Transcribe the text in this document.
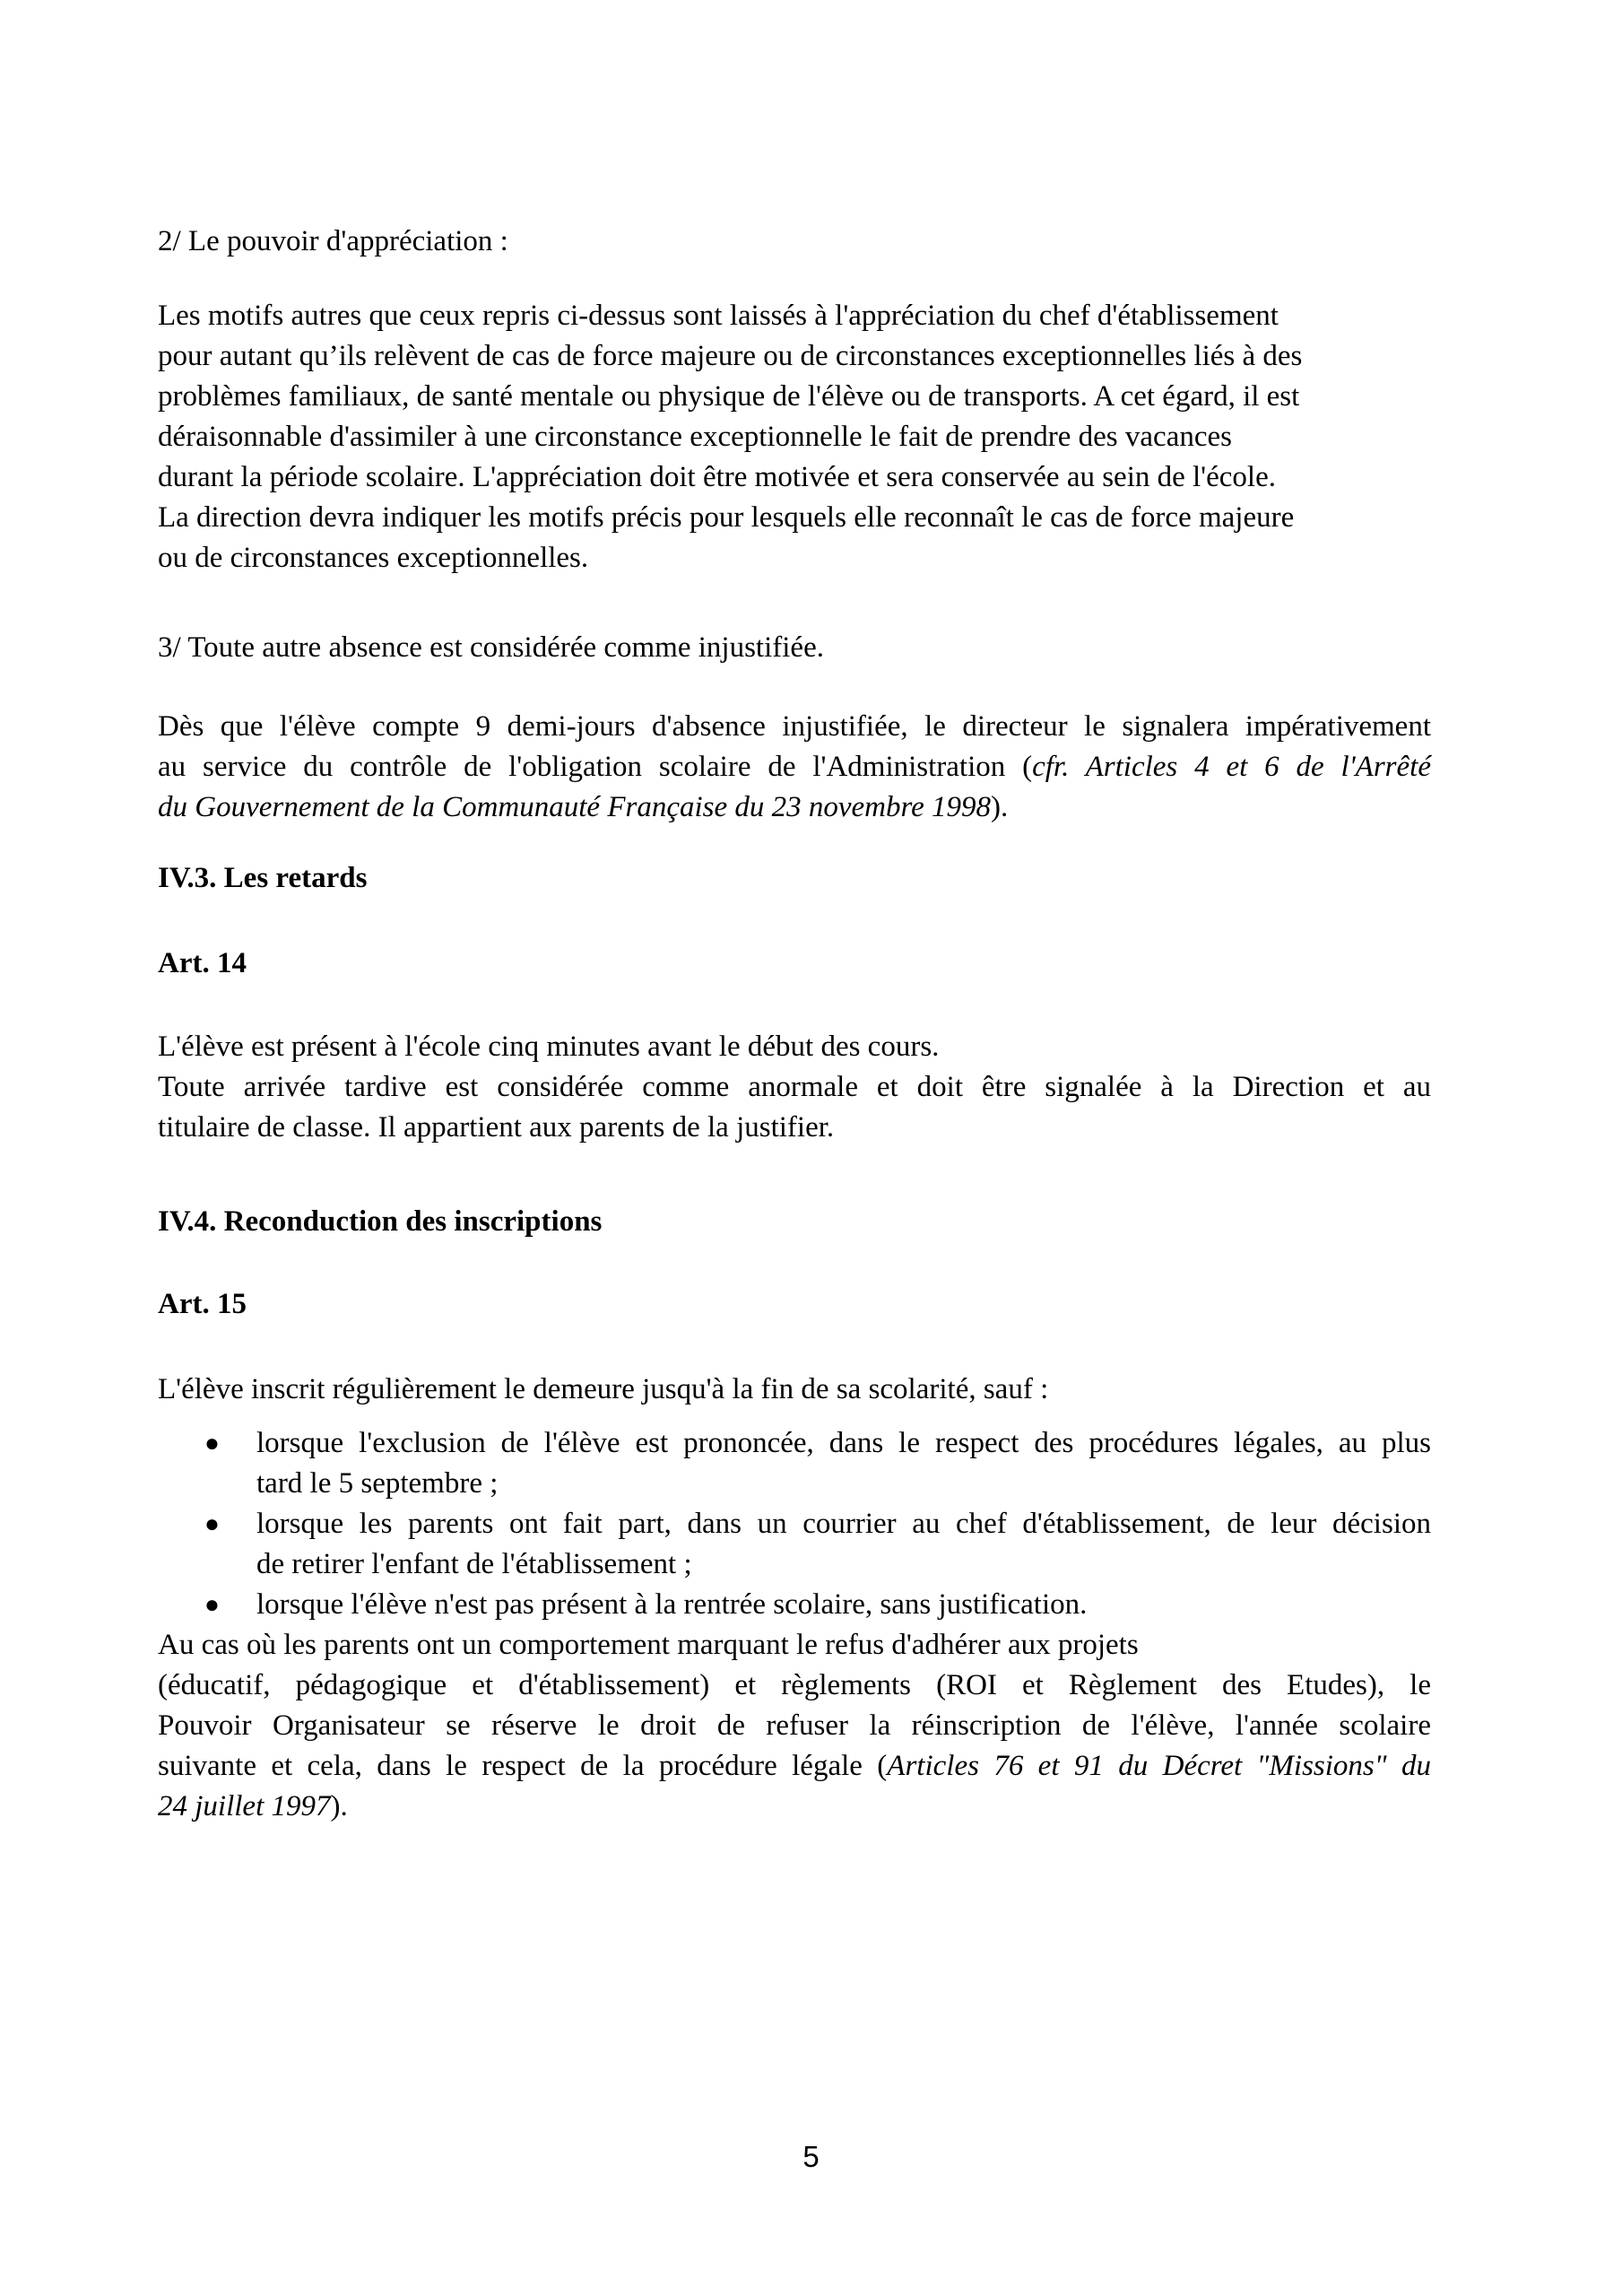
2/ Le pouvoir d'appréciation :
Les motifs autres que ceux repris ci-dessus sont laissés à l'appréciation du chef d'établissement
pour autant qu’ils relèvent de cas de force majeure ou de circonstances exceptionnelles liés à des
problèmes familiaux, de santé mentale ou physique de l'élève ou de transports. A cet égard, il est
déraisonnable d'assimiler à une circonstance exceptionnelle le fait de prendre des vacances
durant la période scolaire. L'appréciation doit être motivée et sera conservée au sein de l'école.
La direction devra indiquer les motifs précis pour lesquels elle reconnaît le cas de force majeure
ou de circonstances exceptionnelles.
3/ Toute autre absence est considérée comme injustifiée.
Dès que l'élève compte 9 demi-jours d'absence injustifiée, le directeur le signalera impérativement
au service du contrôle de l'obligation scolaire de l'Administration (cfr. Articles 4 et 6 de l'Arrêté
du Gouvernement de la Communauté Française du 23 novembre 1998).
IV.3. Les retards
Art. 14
L'élève est présent à l'école cinq minutes avant le début des cours.
Toute arrivée tardive est considérée comme anormale et doit être signalée à la Direction et au
titulaire de classe. Il appartient aux parents de la justifier.
IV.4. Reconduction des inscriptions
Art. 15
L'élève inscrit régulièrement le demeure jusqu'à la fin de sa scolarité, sauf :
●	lorsque l'exclusion de l'élève est prononcée, dans le respect des procédures légales, au plus
tard le 5 septembre ;
●	lorsque les parents ont fait part, dans un courrier au chef d'établissement, de leur décision
de retirer l'enfant de l'établissement ;
●	lorsque l'élève n'est pas présent à la rentrée scolaire, sans justification.
Au cas où les parents ont un comportement marquant le refus d'adhérer aux projets
(éducatif, pédagogique et d'établissement) et règlements (ROI et Règlement des Etudes), le
Pouvoir Organisateur se réserve le droit de refuser la réinscription de l'élève, l'année scolaire
suivante et cela, dans le respect de la procédure légale (Articles 76 et 91 du Décret "Missions" du
24 juillet 1997).
5
